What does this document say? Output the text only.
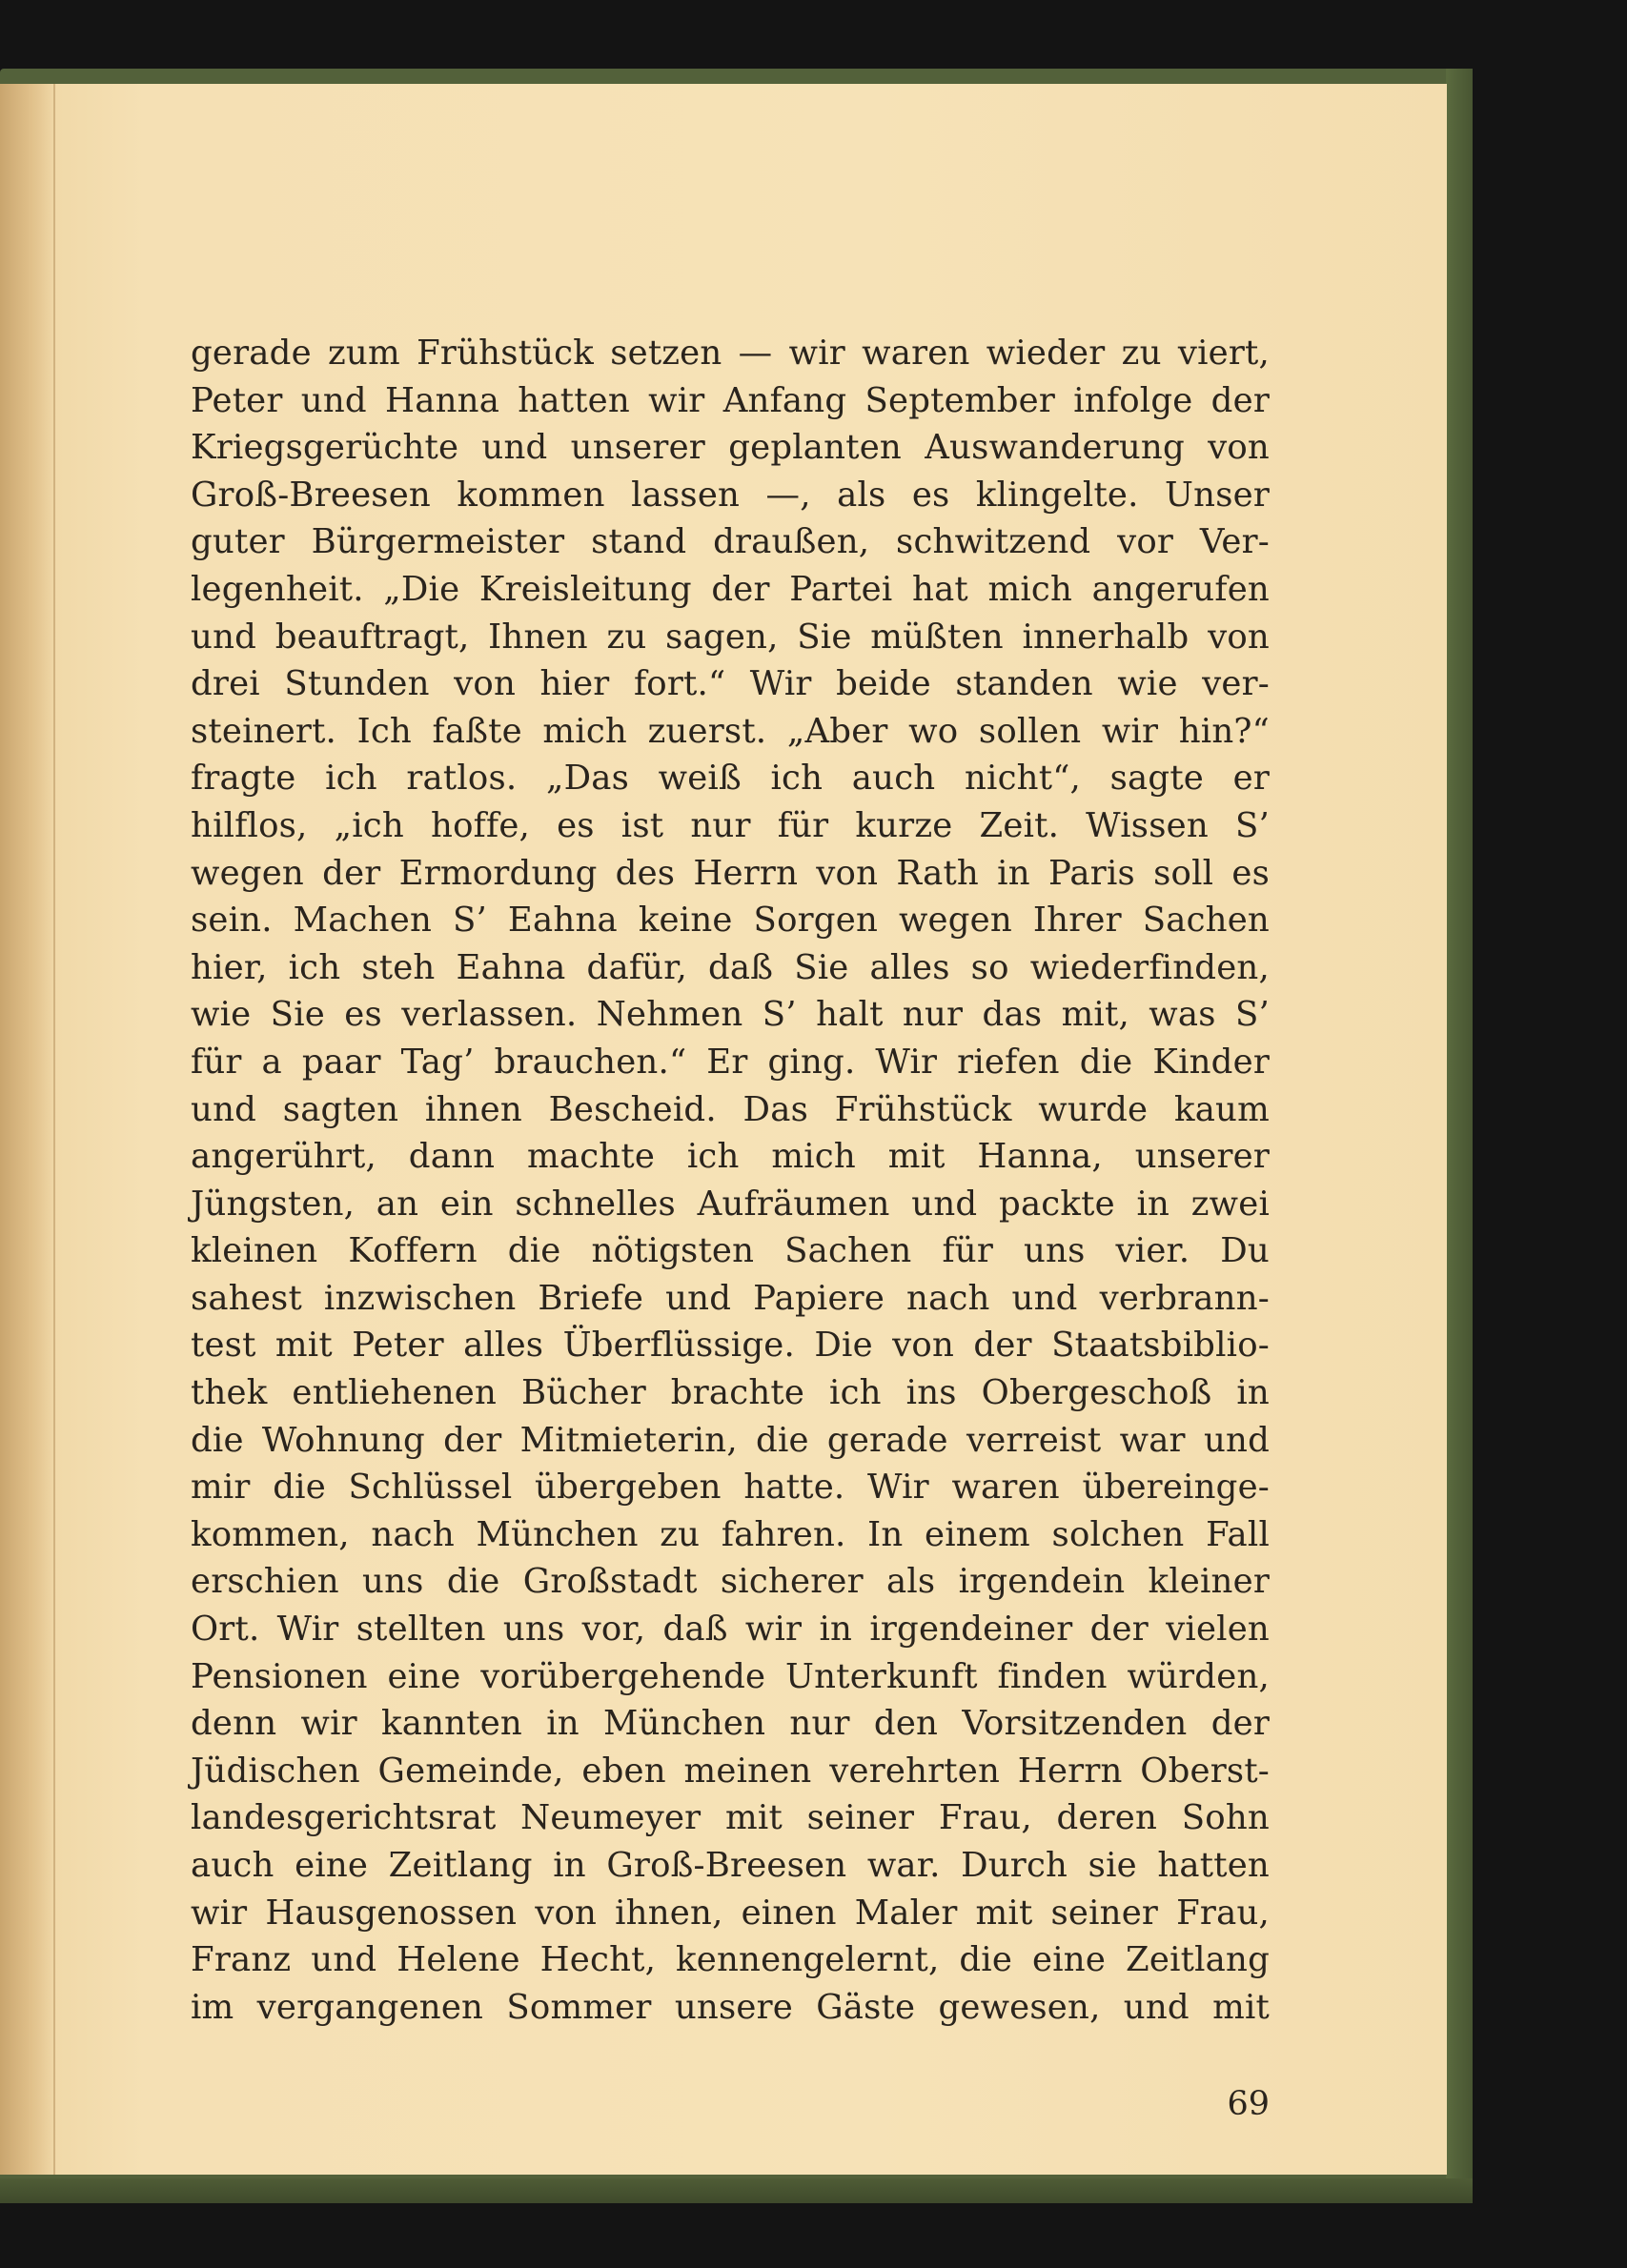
gerade zum Frühstück setzen — wir waren wieder zu viert,
Peter und Hanna hatten wir Anfang September infolge der
Kriegsgerüchte und unserer geplanten Auswanderung von
Groß-Breesen kommen lassen —, als es klingelte. Unser
guter Bürgermeister stand draußen, schwitzend vor Ver-
legenheit. „Die Kreisleitung der Partei hat mich angerufen
und beauftragt, Ihnen zu sagen, Sie müßten innerhalb von
drei Stunden von hier fort.“ Wir beide standen wie ver-
steinert. Ich faßte mich zuerst. „Aber wo sollen wir hin?“
fragte ich ratlos. „Das weiß ich auch nicht“, sagte er
hilflos, „ich hoffe, es ist nur für kurze Zeit. Wissen S’
wegen der Ermordung des Herrn von Rath in Paris soll es
sein. Machen S’ Eahna keine Sorgen wegen Ihrer Sachen
hier, ich steh Eahna dafür, daß Sie alles so wiederfinden,
wie Sie es verlassen. Nehmen S’ halt nur das mit, was S’
für a paar Tag’ brauchen.“ Er ging. Wir riefen die Kinder
und sagten ihnen Bescheid. Das Frühstück wurde kaum
angerührt, dann machte ich mich mit Hanna, unserer
Jüngsten, an ein schnelles Aufräumen und packte in zwei
kleinen Koffern die nötigsten Sachen für uns vier. Du
sahest inzwischen Briefe und Papiere nach und verbrann-
test mit Peter alles Überflüssige. Die von der Staatsbiblio-
thek entliehenen Bücher brachte ich ins Obergeschoß in
die Wohnung der Mitmieterin, die gerade verreist war und
mir die Schlüssel übergeben hatte. Wir waren übereinge-
kommen, nach München zu fahren. In einem solchen Fall
erschien uns die Großstadt sicherer als irgendein kleiner
Ort. Wir stellten uns vor, daß wir in irgendeiner der vielen
Pensionen eine vorübergehende Unterkunft finden würden,
denn wir kannten in München nur den Vorsitzenden der
Jüdischen Gemeinde, eben meinen verehrten Herrn Oberst-
landesgerichtsrat Neumeyer mit seiner Frau, deren Sohn
auch eine Zeitlang in Groß-Breesen war. Durch sie hatten
wir Hausgenossen von ihnen, einen Maler mit seiner Frau,
Franz und Helene Hecht, kennengelernt, die eine Zeitlang
im vergangenen Sommer unsere Gäste gewesen, und mit
69
